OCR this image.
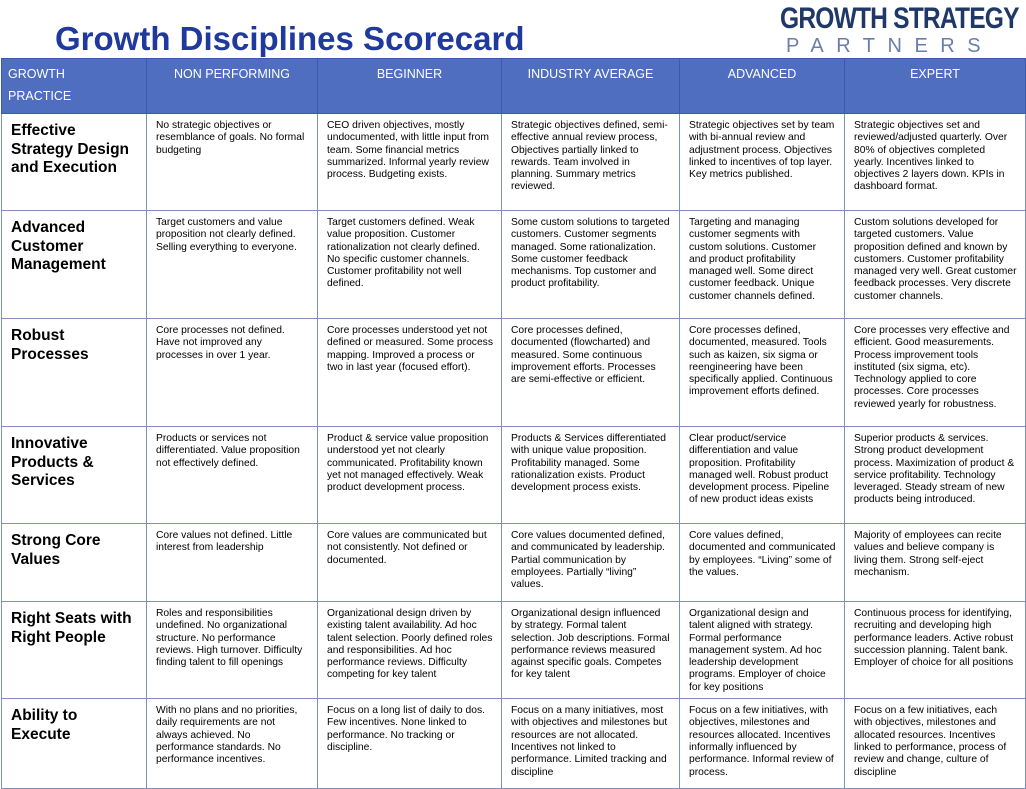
Growth Disciplines Scorecard
GROWTH STRATEGY
PARTNERS
GROWTH
PRACTICE	NON PERFORMING	BEGINNER	INDUSTRY AVERAGE	ADVANCED	EXPERT
Effective Strategy Design and Execution	No strategic objectives or resemblance of goals. No formal budgeting	CEO driven objectives, mostly undocumented, with little input from team. Some financial metrics summarized. Informal yearly review process. Budgeting exists.	Strategic objectives defined, semi-effective annual review process, Objectives partially linked to rewards. Team involved in planning. Summary metrics reviewed.	Strategic objectives set by team with bi-annual review and adjustment process. Objectives linked to incentives of top layer. Key metrics published.	Strategic objectives set and reviewed/adjusted quarterly. Over 80% of objectives completed yearly. Incentives linked to objectives 2 layers down. KPIs in dashboard format.
Advanced Customer Management	Target customers and value proposition not clearly defined. Selling everything to everyone.	Target customers defined. Weak value proposition. Customer rationalization not clearly defined. No specific customer channels. Customer profitability not well defined.	Some custom solutions to targeted customers. Customer segments managed. Some rationalization. Some customer feedback mechanisms. Top customer and product profitability.	Targeting and managing customer segments with custom solutions. Customer and product profitability managed well. Some direct customer feedback. Unique customer channels defined.	Custom solutions developed for targeted customers. Value proposition defined and known by customers. Customer profitability managed very well. Great customer feedback processes. Very discrete customer channels.
Robust Processes	Core processes not defined. Have not improved any processes in over 1 year.	Core processes understood yet not defined or measured. Some process mapping. Improved a process or two in last year (focused effort).	Core processes defined, documented (flowcharted) and measured. Some continuous improvement efforts. Processes are semi-effective or efficient.	Core processes defined, documented, measured. Tools such as kaizen, six sigma or reengineering have been specifically applied. Continuous improvement efforts defined.	Core processes very effective and efficient. Good measurements. Process improvement tools instituted (six sigma, etc). Technology applied to core processes. Core processes reviewed yearly for robustness.
Innovative Products & Services	Products or services not differentiated. Value proposition not effectively defined.	Product & service value proposition understood yet not clearly communicated. Profitability known yet not managed effectively. Weak product development process.	Products & Services differentiated with unique value proposition. Profitability managed. Some rationalization exists. Product development process exists.	Clear product/service differentiation and value proposition. Profitability managed well. Robust product development process. Pipeline of new product ideas exists	Superior products & services. Strong product development process. Maximization of product & service profitability. Technology leveraged. Steady stream of new products being introduced.
Strong Core Values	Core values not defined. Little interest from leadership	Core values are communicated but not consistently. Not defined or documented.	Core values documented defined, and communicated by leadership. Partial communication by employees. Partially “living” values.	Core values defined, documented and communicated by employees. “Living” some of the values.	Majority of employees can recite values and believe company is living them. Strong self-eject mechanism.
Right Seats with Right People	Roles and responsibilities undefined. No organizational structure. No performance reviews. High turnover. Difficulty finding talent to fill openings	Organizational design driven by existing talent availability. Ad hoc talent selection. Poorly defined roles and responsibilities. Ad hoc performance reviews. Difficulty competing for key talent	Organizational design influenced by strategy. Formal talent selection. Job descriptions. Formal performance reviews measured against specific goals. Competes for key talent	Organizational design and talent aligned with strategy. Formal performance management system. Ad hoc leadership development programs. Employer of choice for key positions	Continuous process for identifying, recruiting and developing high performance leaders. Active robust succession planning. Talent bank. Employer of choice for all positions
Ability to Execute	With no plans and no priorities, daily requirements are not always achieved. No performance standards. No performance incentives.	Focus on a long list of daily to dos. Few incentives. None linked to performance. No tracking or discipline.	Focus on a many initiatives, most with objectives and milestones but resources are not allocated. Incentives not linked to performance. Limited tracking and discipline	Focus on a few initiatives, with objectives, milestones and resources allocated. Incentives informally influenced by performance. Informal review of process.	Focus on a few initiatives, each with objectives, milestones and allocated resources. Incentives linked to performance, process of review and change, culture of discipline
